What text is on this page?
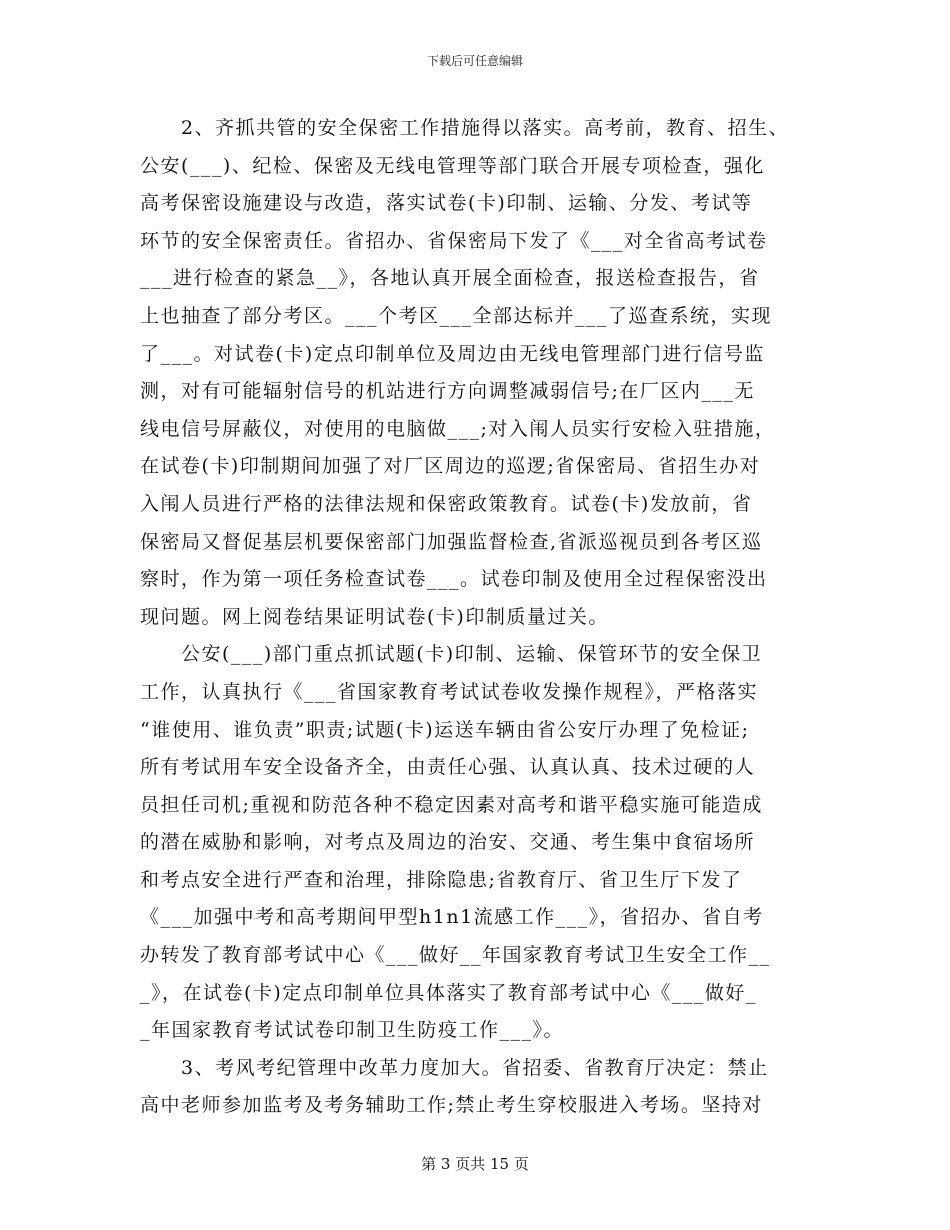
下载后可任意编辑
　　2、齐抓共管的安全保密工作措施得以落实。高考前，教育、招生、
公安(___)、纪检、保密及无线电管理等部门联合开展专项检查，强化
高考保密设施建设与改造，落实试卷(卡)印制、运输、分发、考试等
环节的安全保密责任。省招办、省保密局下发了《___对全省高考试卷
___进行检查的紧急__》，各地认真开展全面检查，报送检查报告，省
上也抽查了部分考区。___个考区___全部达标并___了巡查系统，实现
了___。对试卷(卡)定点印制单位及周边由无线电管理部门进行信号监
测，对有可能辐射信号的机站进行方向调整减弱信号;在厂区内___无
线电信号屏蔽仪，对使用的电脑做___;对入闱人员实行安检入驻措施，
在试卷(卡)印制期间加强了对厂区周边的巡逻;省保密局、省招生办对
入闱人员进行严格的法律法规和保密政策教育。试卷(卡)发放前，省
保密局又督促基层机要保密部门加强监督检查,省派巡视员到各考区巡
察时，作为第一项任务检查试卷___。试卷印制及使用全过程保密没出
现问题。网上阅卷结果证明试卷(卡)印制质量过关。
　　公安(___)部门重点抓试题(卡)印制、运输、保管环节的安全保卫
工作，认真执行《___省国家教育考试试卷收发操作规程》，严格落实
“谁使用、谁负责”职责;试题(卡)运送车辆由省公安厅办理了免检证;
所有考试用车安全设备齐全，由责任心强、认真认真、技术过硬的人
员担任司机;重视和防范各种不稳定因素对高考和谐平稳实施可能造成
的潜在威胁和影响，对考点及周边的治安、交通、考生集中食宿场所
和考点安全进行严查和治理，排除隐患;省教育厅、省卫生厅下发了
《___加强中考和高考期间甲型h1n1流感工作___》，省招办、省自考
办转发了教育部考试中心《___做好__年国家教育考试卫生安全工作__
_》，在试卷(卡)定点印制单位具体落实了教育部考试中心《___做好_
_年国家教育考试试卷印制卫生防疫工作___》。
　　3、考风考纪管理中改革力度加大。省招委、省教育厅决定：禁止
高中老师参加监考及考务辅助工作;禁止考生穿校服进入考场。坚持对
第 3 页共 15 页
